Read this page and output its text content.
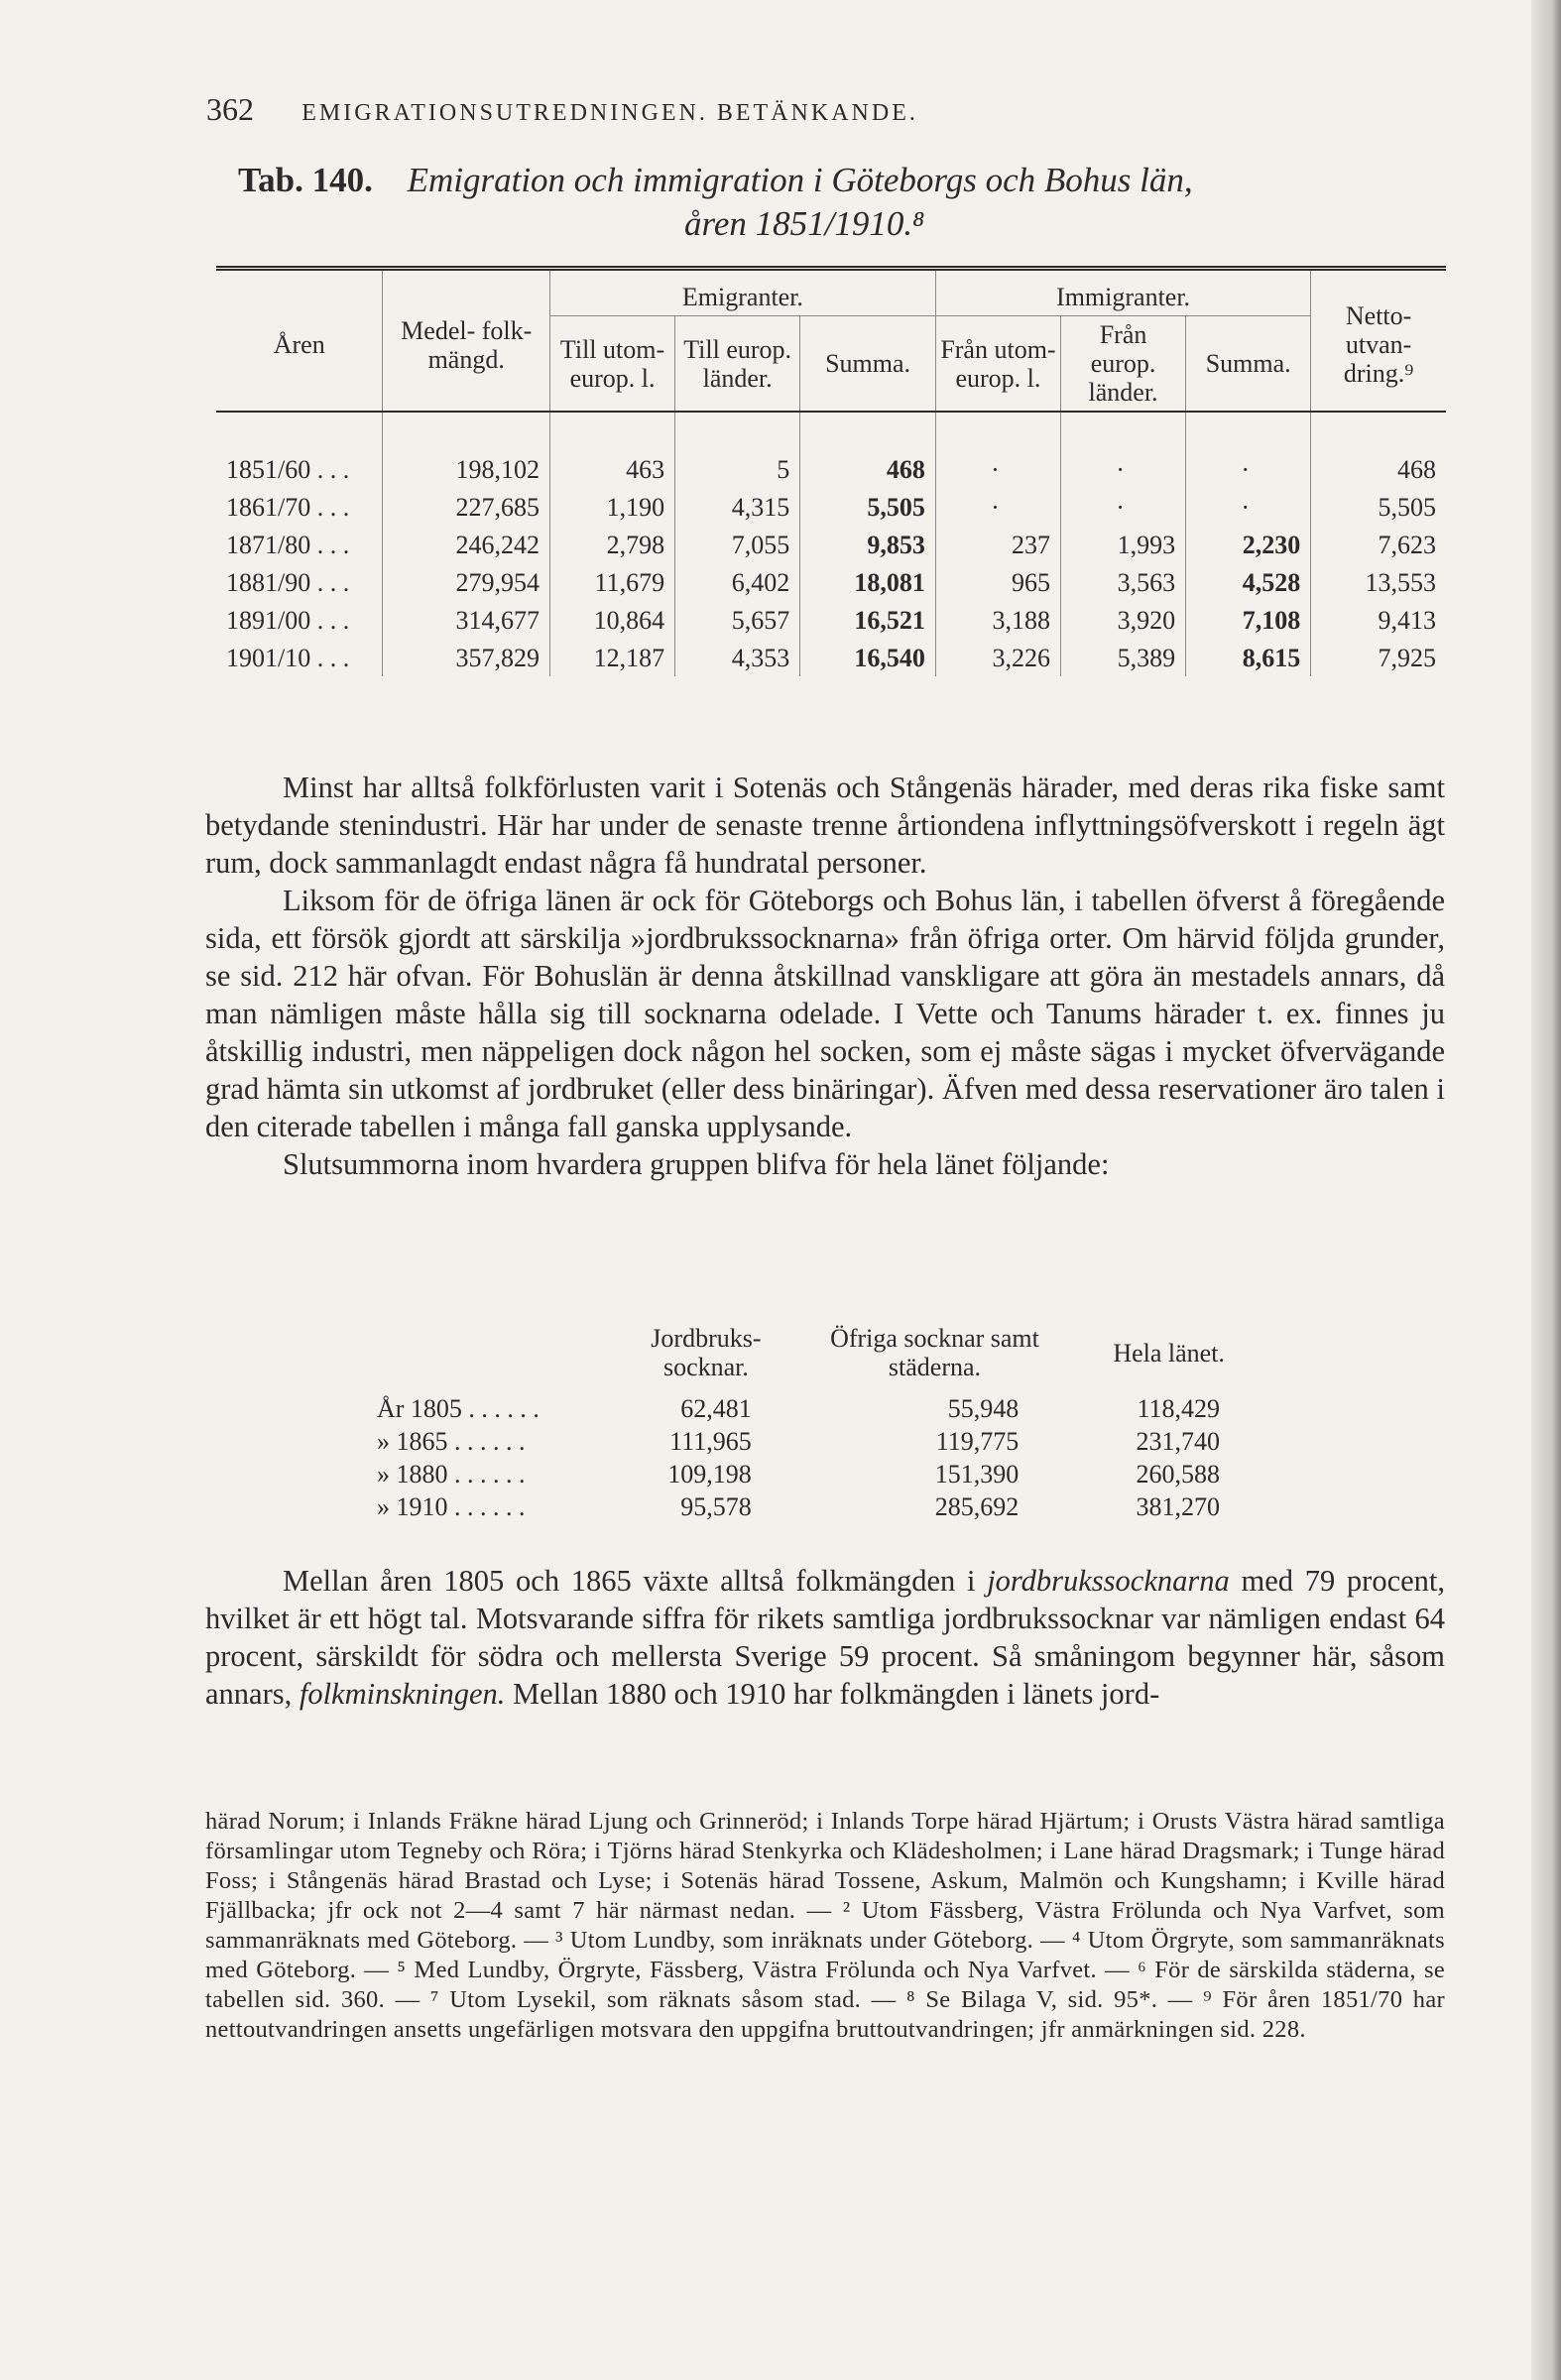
362 EMIGRATIONSUTREDNINGEN. BETÄNKANDE.
Tab. 140. Emigration och immigration i Göteborgs och Bohus län,
åren 1851/1910.⁸
Åren	Medel- folk- mängd.	Emigranter.			Immigranter.			Netto- utvan- dring.⁹
		Till utom- europ. l.	Till europ. länder.	Summa.	Från utom- europ. l.	Från europ. länder.	Summa.	
1851/60 . . .	198,102	463	5	468	·	·	·	468
1861/70 . . .	227,685	1,190	4,315	5,505	·	·	·	5,505
1871/80 . . .	246,242	2,798	7,055	9,853	237	1,993	2,230	7,623
1881/90 . . .	279,954	11,679	6,402	18,081	965	3,563	4,528	13,553
1891/00 . . .	314,677	10,864	5,657	16,521	3,188	3,920	7,108	9,413
1901/10 . . .	357,829	12,187	4,353	16,540	3,226	5,389	8,615	7,925

Minst har alltså folkförlusten varit i Sotenäs och Stångenäs härader, med deras rika fiske samt betydande stenindustri. Här har under de senaste trenne årtiondena inflyttningsöfverskott i regeln ägt rum, dock sammanlagdt endast några få hundratal personer.

Liksom för de öfriga länen är ock för Göteborgs och Bohus län, i tabellen öfverst å föregående sida, ett försök gjordt att särskilja »jordbrukssocknarna» från öfriga orter. Om härvid följda grunder, se sid. 212 här ofvan. För Bohuslän är denna åtskillnad vanskligare att göra än mestadels annars, då man nämligen måste hålla sig till socknarna odelade. I Vette och Tanums härader t. ex. finnes ju åtskillig industri, men näppeligen dock någon hel socken, som ej måste sägas i mycket öfvervägande grad hämta sin utkomst af jordbruket (eller dess binäringar). Äfven med dessa reservationer äro talen i den citerade tabellen i många fall ganska upplysande.

Slutsummorna inom hvardera gruppen blifva för hela länet följande:

	Jordbruks- socknar.	Öfriga socknar samt städerna.	Hela länet.
År 1805 . . . . . .	62,481	55,948	118,429
» 1865 . . . . . .	111,965	119,775	231,740
» 1880 . . . . . .	109,198	151,390	260,588
» 1910 . . . . . .	95,578	285,692	381,270

Mellan åren 1805 och 1865 växte alltså folkmängden i jordbrukssocknarna med 79 procent, hvilket är ett högt tal. Motsvarande siffra för rikets samtliga jordbrukssocknar var nämligen endast 64 procent, särskildt för södra och mellersta Sverige 59 procent. Så småningom begynner här, såsom annars, folkminskningen. Mellan 1880 och 1910 har folkmängden i länets jord-

härad Norum; i Inlands Fräkne härad Ljung och Grinneröd; i Inlands Torpe härad Hjärtum; i Orusts Västra härad samtliga församlingar utom Tegneby och Röra; i Tjörns härad Stenkyrka och Klädesholmen; i Lane härad Dragsmark; i Tunge härad Foss; i Stångenäs härad Brastad och Lyse; i Sotenäs härad Tossene, Askum, Malmön och Kungshamn; i Kville härad Fjällbacka; jfr ock not 2—4 samt 7 här närmast nedan. — ² Utom Fässberg, Västra Frölunda och Nya Varfvet, som sammanräknats med Göteborg. — ³ Utom Lundby, som inräknats under Göteborg. — ⁴ Utom Örgryte, som sammanräknats med Göteborg. — ⁵ Med Lundby, Örgryte, Fässberg, Västra Frölunda och Nya Varfvet. — ⁶ För de särskilda städerna, se tabellen sid. 360. — ⁷ Utom Lysekil, som räknats såsom stad. — ⁸ Se Bilaga V, sid. 95*. — ⁹ För åren 1851/70 har nettoutvandringen ansetts ungefärligen motsvara den uppgifna bruttoutvandringen; jfr anmärkningen sid. 228.
